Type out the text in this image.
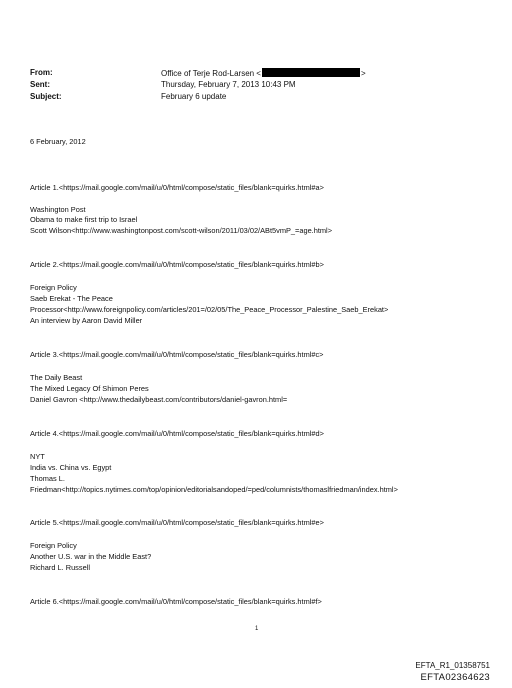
From:	Office of Terje Rod-Larsen <	>
Sent:	Thursday, February 7, 2013 10:43 PM
Subject:	February 6 update
6 February, 2012
Article 1.<https://mail.google.com/mail/u/0/html/compose/static_files/blank=quirks.html#a>
Washington Post
Obama to make first trip to Israel
Scott Wilson<http://www.washingtonpost.com/scott-wilson/2011/03/02/ABt5vmP_=age.html>
Article 2.<https://mail.google.com/mail/u/0/html/compose/static_files/blank=quirks.html#b>
Foreign Policy
Saeb Erekat - The Peace
Processor<http://www.foreignpolicy.com/articles/201=/02/05/The_Peace_Processor_Palestine_Saeb_Erekat>
An interview by Aaron David Miller
Article 3.<https://mail.google.com/mail/u/0/html/compose/static_files/blank=quirks.html#c>
The Daily Beast
The Mixed Legacy Of Shimon Peres
Daniel Gavron <http://www.thedailybeast.com/contributors/daniel-gavron.html=
Article 4.<https://mail.google.com/mail/u/0/html/compose/static_files/blank=quirks.html#d>
NYT
India vs. China vs. Egypt
Thomas L.
Friedman<http://topics.nytimes.com/top/opinion/editorialsandoped/=ped/columnists/thomaslfriedman/index.html>
Article 5.<https://mail.google.com/mail/u/0/html/compose/static_files/blank=quirks.html#e>
Foreign Policy
Another U.S. war in the Middle East?
Richard L. Russell
Article 6.<https://mail.google.com/mail/u/0/html/compose/static_files/blank=quirks.html#f>
1
EFTA_R1_01358751
EFTA02364623
